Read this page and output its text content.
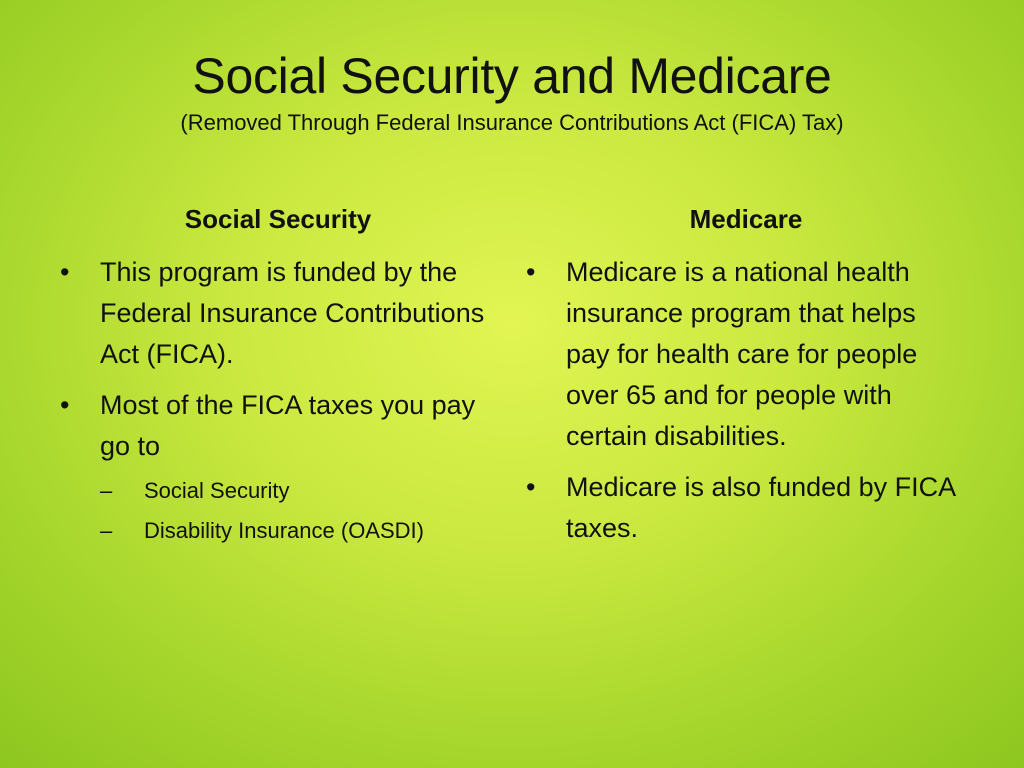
Social Security and Medicare
(Removed Through Federal Insurance Contributions Act (FICA) Tax)
Social Security
•	This program is funded by the Federal Insurance Contributions Act (FICA).
•	Most of the FICA taxes you pay go to
– Social Security
– Disability Insurance (OASDI)
Medicare
•	Medicare is a national health insurance program that helps pay for health care for people over 65 and for people with certain disabilities.
•	Medicare is also funded by FICA taxes.
